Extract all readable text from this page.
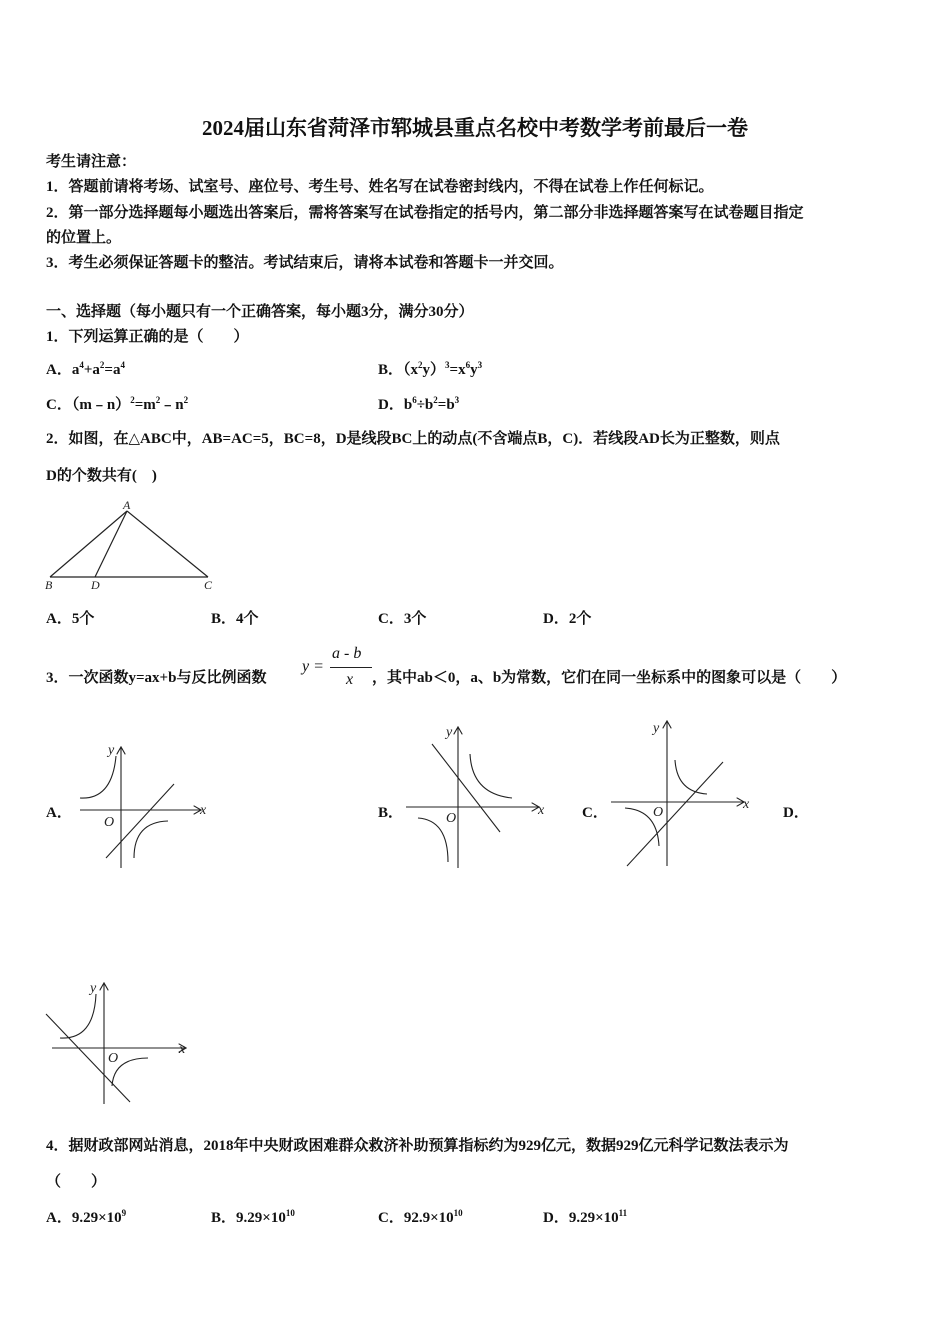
2024届山东省菏泽市郓城县重点名校中考数学考前最后一卷
考生请注意：
1．答题前请将考场、试室号、座位号、考生号、姓名写在试卷密封线内，不得在试卷上作任何标记。
2．第一部分选择题每小题选出答案后，需将答案写在试卷指定的括号内，第二部分非选择题答案写在试卷题目指定
的位置上。
3．考生必须保证答题卡的整洁。考试结束后，请将本试卷和答题卡一并交回。
一、选择题（每小题只有一个正确答案，每小题3分，满分30分）
1．下列运算正确的是（　　）
A．$a^4+a^2=a^4$	B．$(x^2y)^3=x^6y^3$
C．$(m﹣n)^2=m^2﹣n^2$	D．$b^6\div b^2=b^3$
2．如图，在△ABC中，AB=AC=5，BC=8，D是线段BC上的动点(不含端点B，C)．若线段AD长为正整数，则点
D的个数共有(　)
A
B	D	C
A．5个	B．4个	C．3个	D．2个
3．一次函数y=ax+b与反比例函数
y =
a - b
x ，其中ab＜0，a、b为常数，它们在同一坐标系中的图象可以是（　　）
A．	B．	C．	D．
x
y
O
x
y
O
x
y
O
x
y
O
4．据财政部网站消息，2018年中央财政困难群众救济补助预算指标约为929亿元，数据929亿元科学记数法表示为
（　　）
A．$9.29\times 10^9$	B．$9.29\times 10^{10}$	C．$92.9\times 10^{10}$	D．$9.29\times 10^{11}$
